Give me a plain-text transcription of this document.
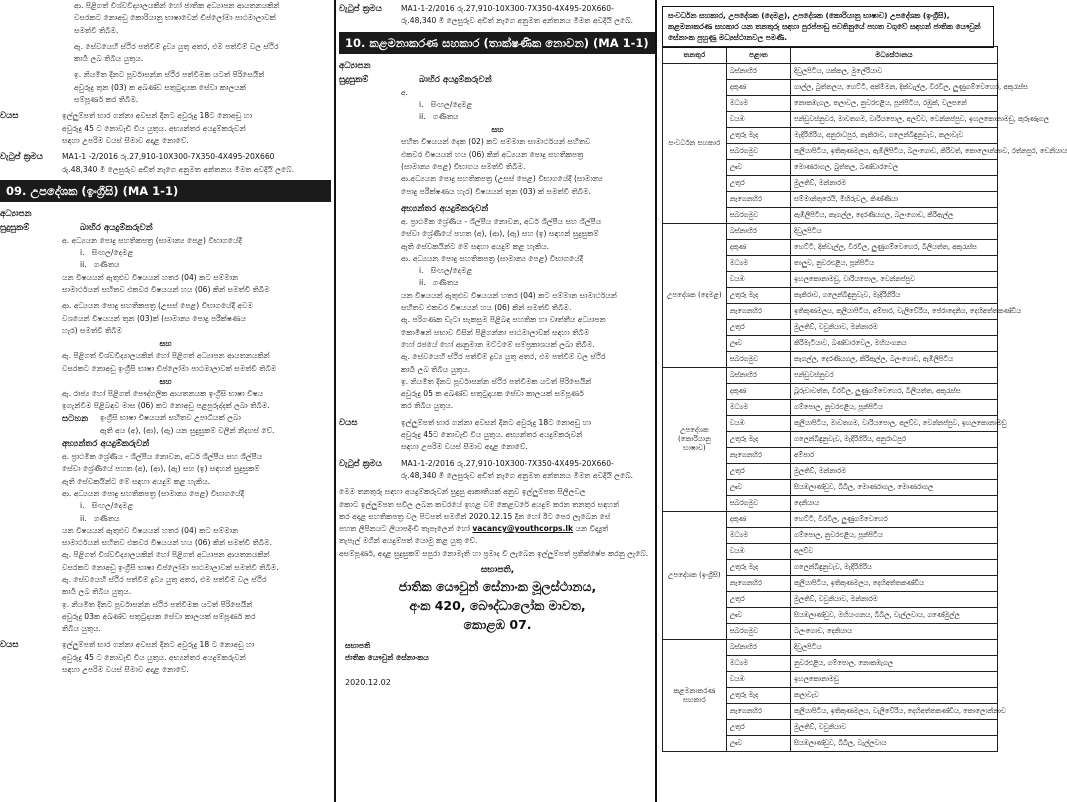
ආ. පිළිගත් විශ්වවිද්‍යාලයකින් හෝ ජාතික අධ්‍යාපන ආයතනයකින්
වසරකට නොඅඩු කොරියානු භාෂාවෙන් ඩිප්ලෝමා පාඨමාලාවක්
සමත්වී තිබීම.

ඇ. සේවයෙහි ස්ථිර පත්වීම් ද්‍රව්‍ය යුතු අතර, එම පත්වීම් වල ස්ථිර
කාර්‍ය ලබ තිබිය යුතුය.

ඉ. නියමිත දිනට පූර්වාසන්න ස්ථිර පත්වීමක යටත් පිරිසෙයින්
අවුරුදු තුන (03) ක අඛණ්ඩ සතුටුදායක සේවා කාලයක්
සම්පූර්ණ කර තිබීම.
වයස	ඉල්ලුම්පත් භාර ගන්නා අවසන් දිනට අවුරුදු 18ට නොඅඩු හා
අවුරුදු 45 ට නොවැඩි විය යුතුය. අභ්‍යන්තර අයදුම්කරුවන්
සඳහා උපරිම වයස් සීමාව අදාළ නොවේ.
වැටුප් ක්‍රමය	MA1-1 -2/2016 රු.27,910-10X300-7X350-4X495-20X660
රු.48,340 මී ලෙසුරුව අඩිත් නැගෙ අනුමත අන්තනය මිමත අවදියි ලබේ.
09. උපදේශක (ඉංග්‍රීසි) (MA 1-1)
අධ්‍යාපන
සුදුසුකම්	බාහිර අයදුම්කරුවන්
අ. අධ්‍යයන පොදු සහතිකපත්‍ර (සාමාන්‍ය පෙළ) විභාගයේදී
i.   සිංහල/දෙමළ
ii.   ගණිතය
යන විෂයයන් ඇතුළුව විෂයයන් හතර (04) කට සම්මාන
සාමාර්ථයන් සහිතව එකවර විෂයයන් හය (06) කින් සමත්වී තිබීම
ආ. අධ්‍යයන පොදු සහතිකපත්‍ර (උසස් පෙළ) විභාගයේදී අවම
වශයෙන් විෂයයන් තුන (03)ක් (සාමාන්‍ය පොදු පරීක්ෂණය
හැර) සමත්වී තිබීම
සහ
ඇ. පිළිගත් විශ්වවිද්‍යාලයකින් හෝ පිළිගත් අධ්‍යාපන ආයතනයකින්
වසරකට නොඅඩු ඉංග්‍රීසි භාෂා ඩිප්ලෝමා පාඨමාලාවක් සමත්වී තිබීම
සහ
ඇ. රාජ්‍ය හෝ පිළිගත් පෞද්ගලික ආයතනයක ඉංග්‍රීසි භාෂා විෂය
ඉගැන්වීම පිළිබඳව මාස (06) කට නොඅඩු පළපුරුද්දක් ලබා තිබීම.
සටහන	ඉංග්‍රීසි භාෂා විෂයයන් සහිතව උපාධියක් ලබා
ඇති අය (අ), (ආ), (ඇ) යන සුදුසුකම් වලින් නිදහස් වේ.
අභ්‍යන්තර අයදුම්කරුවන්
අ. ප්‍රාථමික ශ්‍රේණිය - ශිල්පීය නොවන, අර්ධ ශිල්පීය සහ ශිල්පීය
සේවා ශ්‍රේණියේ පහත (අ), (ආ), (ඇ) සහ (ඉ) සඳහන් සුදුසුකම්
ඇති සේවකයින්ට මේ සඳහා අයදුම් කළ හැකිය.
ආ. අධ්‍යයන පොදු සහතිකපත්‍ර (සාමාන්‍ය පෙළ) විභාගයේදී
i.   සිංහල/දෙමළ
ii.   ගණිතය
යන විෂයයන් ඇතුළුව විෂයයන් හතර (04) කට සම්මාන
සාමාර්ථයන් සහිතව එකවර විෂයයන් හය (06) කින් සමත්වී තිබීම.
ඇ. පිළිගත් විශ්වවිද්‍යාලයකින් හෝ පිළිගත් අධ්‍යාපන ආයතනයකින්
වසරකට නොඅඩු ඉංග්‍රීසි භාෂා ඩිප්ලෝමා පාඨමාලාවක් සමත්වී තිබීම.
ඇ. සේවයෙහි ස්ථිර පත්වීම් ද්‍රව්‍ය යුතු අතර, එම පත්වීම් වල ස්ථිර
කාර්‍ය ලබ තිබිය යුතුය.
ඉ. නියමිත දිනට පූර්වාසන්න ස්ථිර පත්වීමක යටත් පිරිසෙයින්
අවුරුදු 03ක අඛණ්ඩ සතුටුදායක සේවා කාලයක් සම්පූර්ණ කර
තිබිය යුතුය.
වයස	ඉල්ලුම්පත් භාර ගන්නා අවසන් දිනට අවුරුදු 18 ට නොඅඩු හා
අවුරුදු 45 ට නොවැඩි විය යුතුය. අභ්‍යන්තර අයදුම්කරුවන්
සඳහා උපරිම වයස් සීමාව අදාළ නොවේ.
වැටුප් ක්‍රමය	MA1-1-2/2016 රු.27,910-10X300-7X350-4X495-20X660-
රු.48,340 මී ලෙසුරුව අඩිත් නැගෙ අනුමත අන්තනය මිමත අවදියි ලබේ.
10. කළමනාකරණ සහකාර (තාක්ෂණික නොවන) (MA 1-1)
අධ්‍යාපන
සුදුසුකම්	බාහිර අයදුම්කරුවන්
අ.
i.   සිංහල/දෙමළ
ii.   ගණිතය
සහ
සහිත විෂයයන් දෙක (02) කට සම්මාන සාමාර්ථයන් සහිතව
එකවර විෂයයන් හය (06) කින් අධ්‍යයන පොදු සහතිකපත්‍ර
(සාමාන්‍ය පෙළ) විභාගය සමත්වී තිබීම.
ආ.අධ්‍යයන පොදු සහතිකපත්‍ර (උසස් පෙළ) විභාගයේදී (සාමාන්‍ය
පොදු පරීක්ෂණය හැර) විෂයයන් තුන (03) ක් සමත්වී තිබීම.
අභ්‍යන්තර අයදුම්කරුවන්
අ. ප්‍රාථමික ශ්‍රේණිය - ශිල්පීය නොවන, අර්ධ ශිල්පීය සහ ශිල්පීය
සේවා ශ්‍රේණියේ පහත (අ), (ආ), (ඇ) සහ (ඉ) සඳහන් සුදුසුකම්
ඇති සේවකයින්ට මේ සඳහා අයදුම් කළ හැකිය.
ආ. අධ්‍යයන පොදු සහතිකපත්‍ර (සාමාන්‍ය පෙළ) විභාගයේදී
i.   සිංහල/දෙමළ
ii.   ගණිතය
යන විෂයයන් ඇතුළුව විෂයයන් හතර (04) කට සම්මාන සාමාර්ථයන්
සහිතව එකවර විෂයයන් හය (06) කින් සමත්වී තිබීම.
ඇ. පරිගණක ඩැටා සැකසුම පිළිබඳ සහතික හා වෘත්තීය අධ්‍යාපන
කොමිෂන් සභාව විසින් පිළිගන්නා පාඨමාලාවක් සඳහා තිබීම
හෝ රජයේ හෝ ආනුමාන මට්ටමේ සම්ප්‍රකාශයක් ලබා තිබීම.
ඇ. සේවයෙහි ස්ථිර පත්වීම් ද්‍රව්‍ය යුතු අතර, එම පත්වීම් වල ස්ථිර
කාර්‍ය ලබ තිබිය යුතුය.
ඉ. නියමිත දිනට පූර්වාසන්න ස්ථිර පත්වීමක යටත් පිරිසෙයින්
අවුරුදු 05 ක අඛණ්ඩ සතුටුදායක සේවා කාලයක් සම්පූර්ණ
කර තිබිය යුතුය.
වයස	ඉල්ලුම්පත් භාර ගන්නා අවසන් දිනට අවුරුදු 18ට නොඅඩු හා
අවුරුදු 45ට නොවැඩි විය යුතුය. අභ්‍යන්තර අයදුම්කරුවන්
සඳහා උපරිම වයස් සීමාව අදාළ නොවේ.
වැටුප් ක්‍රමය	MA1-1-2/2016 රු.27,910-10X300-7X350-4X495-20X660-
රු.48,340 මී ලෙසුරුව අඩිත් නැගෙ අනුමත අන්තනය මිමත අවදියි ලබේ.
මෙම තනතුරු සඳහා අයදුම්කරුවන් සුදුසු ආකෘතියක් අනුව ඉල්ලුම්පත සිලිලවල
කොට ඉල්ලුම්පත සවිල ලබන කවරයේ ඉහළ වම් කෙළවරේ අයදුම් කරන තනතුර සඳහන්
කර අදාළ සහතිකපත්‍ර වල පිටපත් සමගින් 2020.12.15 දින හෝ ඊට පෙර ලැබෙන සේ
පහත ලිපිනයට ලියාපදිංචි තැපෑලෙන් හෝ vacancy@youthcorps.lk යන විද්‍යුත්
තැපැල් මගින් අයදුම්පත් යොමු කළ යුතු වේ.
අසම්පූර්ණ, අදාළ සුදුසුකම් සපුරා නොමැති හා ප්‍රමාද වී ලැබෙන ඉල්ලුම්පත් ප්‍රතික්ෂේප කරනු ලැබේ.
සභාපති,
ජාතික යෞවුන් සේනාංක මූලස්ථානය,
අංක 420, බෞද්ධාලෝක මාවත,
කොළඹ 07.
සභාපති
ජාතික යෞවුන් සේනාංකය
2020.12.02
සංවර්ධන සහකාර, උපදේශක (දෙමළ), උපදේශක (කොරියානු භාෂාව) උපදේශක (ඉංග්‍රීසි), කළමනාකරණ සහකාර යන තනතුරු සඳහා පුරප්පාඩු පවතිනුයේ පහත වගුවේ සඳහන් ජාතික යෞවුන් සේනාංක පුහුණු මධ්‍යස්ථානවල පමණි.
තනතුර	පළාත	මධ්‍යස්ථානය
සංවර්ධන සහකාර	බස්නාහිර	දිවුලපිටිය, යක්කල, මුලේරියාව
	දකුණ	ගාල්ල, බුත්තලය, හෙට්ටි, අක්මීමන, දික්වැල්ල, වීරවිල, ලුණුගම්වෙහෙර, අකුරැස්ස
	මධ්‍යම	නොකඹැගල, තලාවල, නුවරඑළිය, පූන්පිටිය, රඹුක්, වලපනේ
	වයඹ	පන්ඩුවස්නුවර, මාවතගම, වාරියපොල, අලව්ව, වෙන්නප්පුව, ඉහලකොනාමඩු, කුරුණෑගල
	උතුරු මැද	මැදිරිගිරිය, අනුරාධපුර, කැකිරාව, ගලෙන්බිඳුනුවැව, කලාවැව
	සබරගමුව	කුලියාපිටිය, ඉතිකුණමලය, ඇඹිලිපිටිය, බලංගොඩ, කිරිවත්, කොලොන්නාව, රත්නපුර, ඩෙනියාය
	ඌව	මොණරාගල, බුත්තල, බණ්ඩාරවෙල
	උතුර	මුලතිව්, මන්නාරම
	නැගෙනහිර	සම්මාන්තුරෙයි, මිහිරුවල, කිණ්ණියා
	සබරගමුව	ඇඹිලිපිටිය, කැගල්ල, දෙරණියගල, බලංගොඩ, කිරිඇල්ල
උපදේශක (දෙමළ)	බස්නාහිර	දිවුලපිටිය
	දකුණ	හෙට්ටි, දික්වැල්ල, වීරවිල, ලුණුගම්වෙහෙර, බීලියත්ත, අකුරැස්ස
	මධ්‍යම	තාලුව, නුවරඑළිය, පූන්පිටිය
	වයඹ	ඉහලකොනාමඩු, වාරියපොල, වෙන්නප්පුව
	උතුරු මැද	කැකිරාව, ගලෙන්බිඳුනුවැව, මැදිරිගිරිය
	නැගෙනහිර	ඉතිකුණමලය, කුලියාපිටිය, අම්පාර, වැලිවේරිය, පේරාදෙනිය, දෙහිඅත්තකණ්ඩිය
	උතුර	මුලතිව්, වවුනියාව, මන්නාරම
	ඌව	කිරිමැටියාව, බණ්ඩාරවෙල, මහියංගනය
	සබරගමුව	කැගල්ල, දෙරණියගල, කිරිඇල්ල, බලංගොඩ, ඇඹිලිපිටිය
උපදේශක (කොරියානු භාෂාව)	බස්නාහිර	පන්ඩුවස්නුවර
	දකුණ	බූරුවාවත්ත, වීරවිල, ලුණුගම්වෙහෙර, බීලියත්ත, අකුරැස්ස
	මධ්‍යම	ගම්පොල, නුවරඑළිය, පූන්පිටිය
	වයඹ	කුලියාපිටිය, මාවතගම, වාරියපොල, අලව්ව, වෙන්නප්පුව, ඉහලකොනාමඩු
	උතුරු මැද	ගලෙන්බිඳුනුවැව, මැදිරිගිරිය, අනුරාධපුර
	නැගෙනහිර	අම්පාර
	උතුර	මුලතිව්, මන්නාරම
	ඌව	සියඹලාණ්ඩුව, බිබිල, මොණරාගල, මොණරාගල
	සබරගමුව	දෙනියාය
උපදේශක (ඉංග්‍රීසි)	දකුණ	හෙට්ටි, වීරවිල, ලුණුගම්වෙහෙර
	මධ්‍යම	ගම්පොල, නුවරඑළිය, පූන්පිටිය
	වයඹ	අලව්ව
	උතුරු මැද	ගලෙන්බිඳුනුවැව, මැදිරිගිරිය
	නැගෙනහිර	කුලියාපිටිය, ඉතිකුණමලය, දෙහිඅත්තකණ්ඩිය
	උතුර	මුලතිව්, වවුනියාව, මන්නාරම
	ඌව	සියඹලාණ්ඩුව, මහියංගනය, බිබිල, වැල්ලවාය, ගණේමුල්ල
	සබරගමුව	බලංගොඩ, දෙනියාය
කළමනාකරණ සහකාර	බස්නාහිර	දිවුලපිටිය
	මධ්‍යම	නුවරඑළිය, ගම්පොල, නොකඹැගල
	වයඹ	ඉහලකොනාමඩු
	උතුරු මැද	කලාවැව
	නැගෙනහිර	කුලියාපිටිය, ඉතිකුණමලය, වැලිවේරිය, දෙහිඅත්තකණ්ඩිය, කොලොන්නාව
	උතුර	මුලතිව්, වවුනියාව
	ඌව	සියඹලාණ්ඩුව, බිබිල, වැල්ලවාය
